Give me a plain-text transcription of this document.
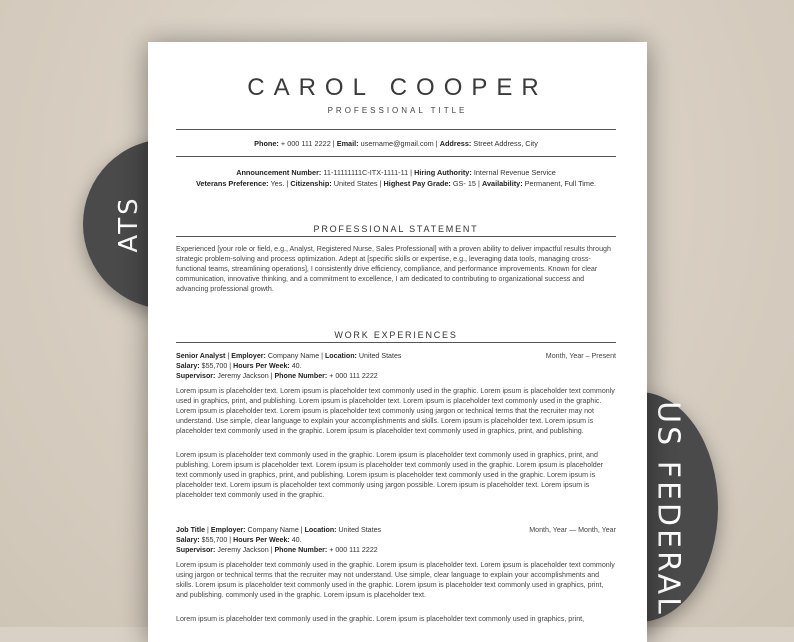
ATS
US FEDERAL
CAROL COOPER
PROFESSIONAL TITLE
Phone: + 000 111 2222 | Email: username@gmail.com | Address: Street Address, City
Announcement Number: 11-11111111C-ITX-1111-11 | Hiring Authority: Internal Revenue Service
Veterans Preference: Yes. | Citizenship: United States | Highest Pay Grade: GS- 15 | Availability: Permanent, Full Time.
PROFESSIONAL STATEMENT
Experienced [your role or field, e.g., Analyst, Registered Nurse, Sales Professional] with a proven ability to deliver impactful results through strategic problem-solving and process optimization. Adept at [specific skills or expertise, e.g., leveraging data tools, managing cross-functional teams, streamlining operations], I consistently drive efficiency, compliance, and performance improvements. Known for clear communication, innovative thinking, and a commitment to excellence, I am dedicated to contributing to organizational success and advancing professional growth.
WORK EXPERIENCES
Senior Analyst | Employer: Company Name | Location: United States	Month, Year – Present
Salary: $55,700 | Hours Per Week: 40.
Supervisor: Jeremy Jackson | Phone Number: + 000 111 2222
Lorem ipsum is placeholder text. Lorem ipsum is placeholder text commonly used in the graphic. Lorem ipsum is placeholder text commonly used in graphics, print, and publishing. Lorem ipsum is placeholder text. Lorem ipsum is placeholder text commonly used in the graphic. Lorem ipsum is placeholder text. Lorem ipsum is placeholder text commonly using jargon or technical terms that the recruiter may not understand. Use simple, clear language to explain your accomplishments and skills. Lorem ipsum is placeholder text. Lorem ipsum is placeholder text commonly used in the graphic. Lorem ipsum is placeholder text commonly used in graphics, print, and publishing.
Lorem ipsum is placeholder text commonly used in the graphic. Lorem ipsum is placeholder text commonly used in graphics, print, and publishing. Lorem ipsum is placeholder text. Lorem ipsum is placeholder text commonly used in the graphic. Lorem ipsum is placeholder text commonly used in graphics, print, and publishing. Lorem ipsum is placeholder text commonly used in the graphic. Lorem ipsum is placeholder text. Lorem ipsum is placeholder text commonly using jargon possible. Lorem ipsum is placeholder text. Lorem ipsum is placeholder text commonly used in the graphic.
Job Title | Employer: Company Name | Location: United States	Month, Year — Month, Year
Salary: $55,700 | Hours Per Week: 40.
Supervisor: Jeremy Jackson | Phone Number: + 000 111 2222
Lorem ipsum is placeholder text commonly used in the graphic. Lorem ipsum is placeholder text. Lorem ipsum is placeholder text commonly using jargon or technical terms that the recruiter may not understand. Use simple, clear language to explain your accomplishments and skills. Lorem ipsum is placeholder text commonly used in the graphic. Lorem ipsum is placeholder text commonly used in graphics, print, and publishing. commonly used in the graphic. Lorem ipsum is placeholder text.
Lorem ipsum is placeholder text commonly used in the graphic. Lorem ipsum is placeholder text commonly used in graphics, print,
